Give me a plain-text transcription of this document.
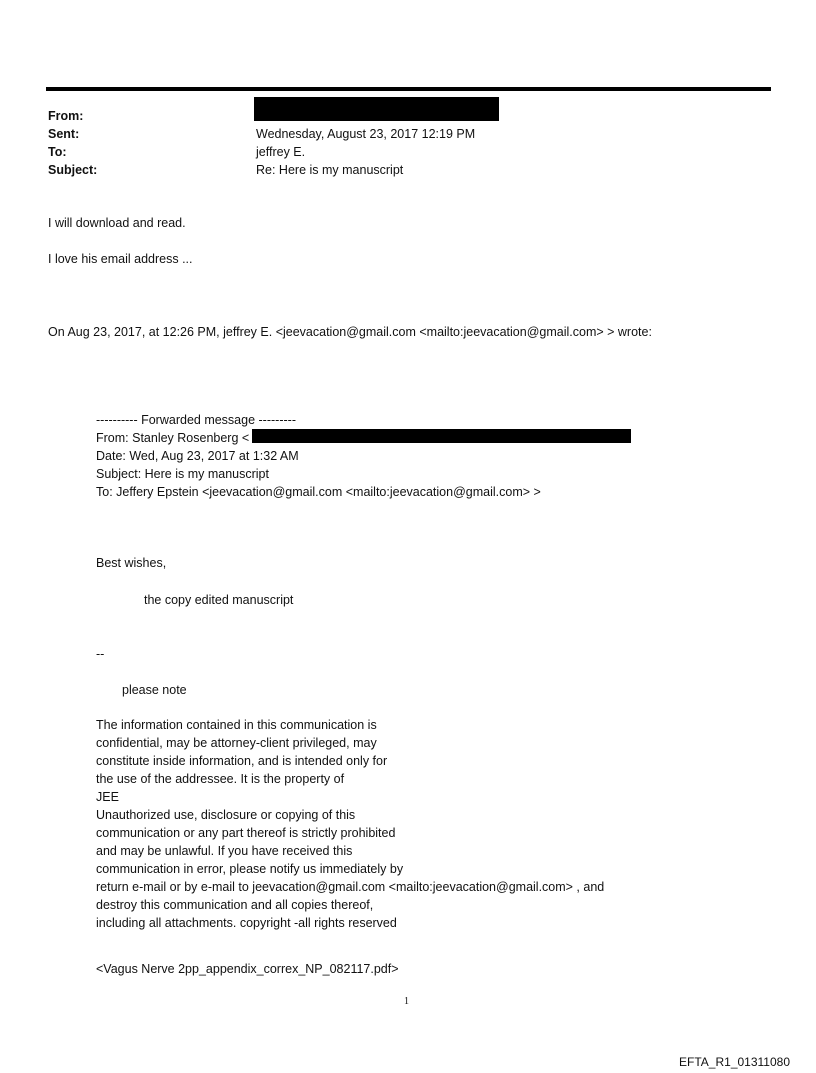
From:
Sent:
To:
Subject:
Wednesday, August 23, 2017 12:19 PM
jeffrey E.
Re: Here is my manuscript
I will download and read.
I love his email address ...
On Aug 23, 2017, at 12:26 PM, jeffrey E. <jeevacation@gmail.com <mailto:jeevacation@gmail.com> > wrote:
---------- Forwarded message ---------
From: Stanley Rosenberg <
Date: Wed, Aug 23, 2017 at 1:32 AM
Subject: Here is my manuscript
To: Jeffery Epstein <jeevacation@gmail.com <mailto:jeevacation@gmail.com> >
Best wishes,
the copy edited manuscript
--
please note
The information contained in this communication is
confidential, may be attorney-client privileged, may
constitute inside information, and is intended only for
the use of the addressee. It is the property of
JEE
Unauthorized use, disclosure or copying of this
communication or any part thereof is strictly prohibited
and may be unlawful. If you have received this
communication in error, please notify us immediately by
return e-mail or by e-mail to jeevacation@gmail.com <mailto:jeevacation@gmail.com> , and
destroy this communication and all copies thereof,
including all attachments. copyright -all rights reserved
<Vagus Nerve 2pp_appendix_correx_NP_082117.pdf>
1
EFTA_R1_01311080
